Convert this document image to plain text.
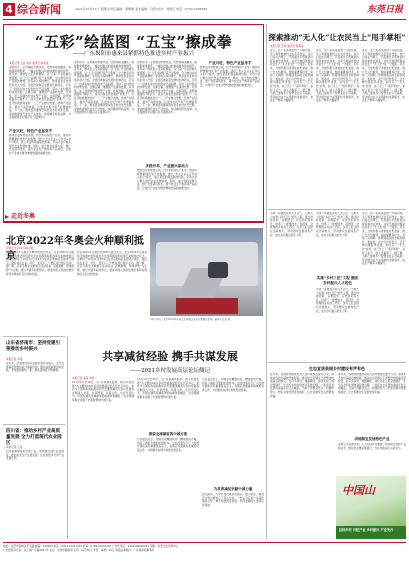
4 综合新闻	2021年10月21日 星期四 责任编辑：黄佩佩 美术编辑：许阳 校对：刘国庆 电话：0769-2288888	东莞日报
“五彩”绘蓝图 “五宝”擦成拳
——广东揭阳市惠来县紧抓特色推进乡村产业振兴
本报记者 王岩 李钊 通讯员 林某某
金秋时节，走进揭阳市惠来县，田野间稻浪翻滚，果园里硕果累累，一幅乡村振兴的美丽画卷徐徐展开。近年来，惠来县立足资源禀赋，以“五彩”产业绘就发展蓝图，以“五宝”品牌打造产业集群，全力推动乡村产业提质增效，农民收入持续增长。惠来县农业农村局负责人介绍，全县因地制宜发展特色种养业，打造了一批具有地方特色的农产品品牌，带动了农村经济的快速发展。在隆江镇，猪脚饭产业蓬勃发展，从养殖、加工到餐饮形成完整产业链；在葵潭镇，菠萝种植面积不断扩大，成为当地农民致富的“金果子”。该县还积极推进农村一二三产业融合发展，延伸产业链条，提升产品附加值，让更多农民分享产业增值收益。下一步，惠来县将继续坚持农业农村优先发展，加快构建现代农业产业体系，持续擦亮特色品牌，为全面推进乡村振兴注入强劲动力。
产业兴旺，特色产业显身手
惠来县坚持规划引领，科学布局特色产业带，推动资源要素向优势产业集聚。通过“龙头企业+合作社+农户”模式，建立紧密的利益联结机制，带动小农户融入现代农业发展轨道。同时，加大科技支撑力度，推广先进适用技术，提升农业生产效率和产品质量，让特色产业成为群众增收致富的重要支柱。
金秋时节，走进揭阳市惠来县，田野间稻浪翻滚，果园里硕果累累，一幅乡村振兴的美丽画卷徐徐展开。近年来，惠来县立足资源禀赋，以“五彩”产业绘就发展蓝图，以“五宝”品牌打造产业集群，全力推动乡村产业提质增效，农民收入持续增长。惠来县农业农村局负责人介绍，全县因地制宜发展特色种养业，打造了一批具有地方特色的农产品品牌，带动了农村经济的快速发展。在隆江镇，猪脚饭产业蓬勃发展，从养殖、加工到餐饮形成完整产业链；在葵潭镇，菠萝种植面积不断扩大，成为当地农民致富的“金果子”。该县还积极推进农村一二三产业融合发展，延伸产业链条，提升产品附加值，让更多农民分享产业增值收益。下一步，惠来县将继续坚持农业农村优先发展，加快构建现代农业产业体系，持续擦亮特色品牌，为全面推进乡村振兴注入强劲动力。
金秋时节，走进揭阳市惠来县，田野间稻浪翻滚，果园里硕果累累，一幅乡村振兴的美丽画卷徐徐展开。近年来，惠来县立足资源禀赋，以“五彩”产业绘就发展蓝图，以“五宝”品牌打造产业集群，全力推动乡村产业提质增效，农民收入持续增长。惠来县农业农村局负责人介绍，全县因地制宜发展特色种养业，打造了一批具有地方特色的农产品品牌，带动了农村经济的快速发展。在隆江镇，猪脚饭产业蓬勃发展，从养殖、加工到餐饮形成完整产业链；在葵潭镇，菠萝种植面积不断扩大，成为当地农民致富的“金果子”。该县还积极推进农村一二三产业融合发展，延伸产业链条，提升产品附加值，让更多农民分享产业增值收益。下一步，惠来县将继续坚持农业农村优先发展，加快构建现代农业产业体系，持续擦亮特色品牌，为全面推进乡村振兴注入强劲动力。
多措并举，产业振兴添动力
惠来县坚持规划引领，科学布局特色产业带，推动资源要素向优势产业集聚。通过“龙头企业+合作社+农户”模式，建立紧密的利益联结机制，带动小农户融入现代农业发展轨道。同时，加大科技支撑力度，推广先进适用技术，提升农业生产效率和产品质量，让特色产业成为群众增收致富的重要支柱。
产业兴旺，特色产业显身手
惠来县坚持规划引领，科学布局特色产业带，推动资源要素向优势产业集聚。通过“龙头企业+合作社+农户”模式，建立紧密的利益联结机制，带动小农户融入现代农业发展轨道。同时，加大科技支撑力度，推广先进适用技术，提升农业生产效率和产品质量，让特色产业成为群众增收致富的重要支柱。
探索推动“无人化”让农民当上“甩手掌柜”
本报记者 张某 通讯员 陈某某
近日，在广东省某县的一片稻田里，无人驾驶收割机正在有序作业，农户们站在田埂上，只需通过手机就能远程查看作业进度。这是当地探索推动农业生产“无人化”的一个缩影。近年来，当地积极引进智能农机装备，推广无人机植保、智能灌溉等技术，实现了从耕种、管理到收获的全程机械化、智能化。农户们纷纷表示，过去种田要起早贪黑，如今有了“无人化”农场，自己当上了“甩手掌柜”，省时又省力，收入还提高了。据了解，当地已建成多个智慧农业示范基地，带动周边农户采用新技术新模式，农业生产效率大幅提升。
近日，在广东省某县的一片稻田里，无人驾驶收割机正在有序作业，农户们站在田埂上，只需通过手机就能远程查看作业进度。这是当地探索推动农业生产“无人化”的一个缩影。近年来，当地积极引进智能农机装备，推广无人机植保、智能灌溉等技术，实现了从耕种、管理到收获的全程机械化、智能化。农户们纷纷表示，过去种田要起早贪黑，如今有了“无人化”农场，自己当上了“甩手掌柜”，省时又省力，收入还提高了。据了解，当地已建成多个智慧农业示范基地，带动周边农户采用新技术新模式，农业生产效率大幅提升。
近日，在广东省某县的一片稻田里，无人驾驶收割机正在有序作业，农户们站在田埂上，只需通过手机就能远程查看作业进度。这是当地探索推动农业生产“无人化”的一个缩影。近年来，当地积极引进智能农机装备，推广无人机植保、智能灌溉等技术，实现了从耕种、管理到收获的全程机械化、智能化。农户们纷纷表示，过去种田要起早贪黑，如今有了“无人化”农场，自己当上了“甩手掌柜”，省时又省力，收入还提高了。据了解，当地已建成多个智慧农业示范基地，带动周边农户采用新技术新模式，农业生产效率大幅提升。
为进一步激发乡村人才活力，当地大力实施“乡村工匠”培育工程，通过技能培训、以赛促学、评选表彰等方式，培养了一批懂技术、善经营、会管理的乡村能工巧匠。这些工匠活跃在田间地头，带动群众发展特色产业，成为乡村振兴的生力军。
为进一步激发乡村人才活力，当地大力实施“乡村工匠”培育工程，通过技能培训、以赛促学、评选表彰等方式，培养了一批懂技术、善经营、会管理的乡村能工巧匠。这些工匠活跃在田间地头，带动群众发展特色产业，成为乡村振兴的生力军。
实施“乡村工匠”工程 擦亮乡村振兴人才底色
为进一步激发乡村人才活力，当地大力实施“乡村工匠”培育工程，通过技能培训、以赛促学、评选表彰等方式，培养了一批懂技术、善经营、会管理的乡村能工巧匠。这些工匠活跃在田间地头，带动群众发展特色产业，成为乡村振兴的生力军。
近日，在广东省某县的一片稻田里，无人驾驶收割机正在有序作业，农户们站在田埂上，只需通过手机就能远程查看作业进度。这是当地探索推动农业生产“无人化”的一个缩影。近年来，当地积极引进智能农机装备，推广无人机植保、智能灌溉等技术，实现了从耕种、管理到收获的全程机械化、智能化。农户们纷纷表示，过去种田要起早贪黑，如今有了“无人化”农场，自己当上了“甩手掌柜”，省时又省力，收入还提高了。据了解，当地已建成多个智慧农业示范基地，带动周边农户采用新技术新模式，农业生产效率大幅提升。
走近冬奥
北京2022年冬奥会火种顺利抵京
新华社北京10月20日电
北京2022年冬奥会火种20日抵达北京，北京2022年冬奥会和冬残奥会组织委员会在首都国际机场举行火种欢迎仪式。火种将于10月21日至22日在北京奥林匹克塔进行展示，随后将在北京、延庆、张家口三个赛区进行展示活动。据了解，北京冬奥会火种展示活动将以“点燃激情、传递梦想”为主题，通过丰富多彩的形式，展现中国人民的热情好客和对奥林匹克运动的热爱。
北京2022年冬奥会火种20日抵达北京，北京2022年冬奥会和冬残奥会组织委员会在首都国际机场举行火种欢迎仪式。火种将于10月21日至22日在北京奥林匹克塔进行展示，随后将在北京、延庆、张家口三个赛区进行展示活动。据了解，北京冬奥会火种展示活动将以“点燃激情、传递梦想”为主题，通过丰富多彩的形式，展现中国人民的热情好客和对奥林匹克运动的热爱。
10月20日，北京2022年冬奥会火种抵达北京首都国际机场。新华社记者 摄
山东省济南市：坚持党建引领推动乡村振兴
本报记者 李某
近年来，济南市坚持以党建引领乡村振兴，充分发挥基层党组织战斗堡垒作用，推动各项政策落地见效，乡村面貌焕然一新，群众获得感不断增强。
四川省：推动乡村产业高质量发展 全力打造现代农业园区
本报记者 王某
四川省聚焦特色优势产业，加快建设现代农业园区，推动农业全产业链发展，让农民更多分享产业发展红利。
共享减贫经验 携手共谋发展
——2021乡村发展高层论坛侧记
本报记者 高某 刘某
10月19日至20日，以“共享减贫经验、携手共谋发展”为主题的2021乡村发展高层论坛在北京举行。来自多个国家和国际组织的代表围绕减贫与乡村发展等议题深入交流，分享经验，共商合作。与会代表认为，中国在减贫领域取得的成就举世瞩目，为全球减贫事业贡献了中国智慧和中国方案。
10月19日至20日，以“共享减贫经验、携手共谋发展”为主题的2021乡村发展高层论坛在北京举行。来自多个国家和国际组织的代表围绕减贫与乡村发展等议题深入交流，分享经验，共商合作。与会代表认为，中国在减贫领域取得的成就举世瞩目，为全球减贫事业贡献了中国智慧和中国方案。
探索全球减贫的中国方案
与会嘉宾表示，中国坚持精准扶贫、精准脱贫方略，创造了减贫治理的中国样本。这些经验对于广大发展中国家具有重要借鉴意义，各国应加强减贫领域的交流合作，共同推动实现可持续发展目标。
与会嘉宾表示，中国坚持精准扶贫、精准脱贫方略，创造了减贫治理的中国样本。这些经验对于广大发展中国家具有重要借鉴意义，各国应加强减贫领域的交流合作，共同推动实现可持续发展目标。
为世界减贫贡献中国力量
论坛期间，与会代表还就乡村振兴、数字农业、粮食安全等议题进行了深入讨论，一致认为应进一步深化国际合作，携手构建没有贫困、共同发展的人类命运共同体。
生态宜居美丽乡村建设有声有色
近年来，各地持续推进农村人居环境整治提升行动，加快补齐农村基础设施短板，推动村庄环境从干净整洁向美丽宜居转变。在许多乡村，道路硬化、绿化亮化工程全面铺开，生活污水和垃圾得到有效治理，一座座生态宜居的美丽乡村正在崛起。当地干部群众表示，将继续努力，把家乡建设得更加美好，让农民群众生活得更加幸福。
近年来，各地持续推进农村人居环境整治提升行动，加快补齐农村基础设施短板，推动村庄环境从干净整洁向美丽宜居转变。在许多乡村，道路硬化、绿化亮化工程全面铺开，生活污水和垃圾得到有效治理，一座座生态宜居的美丽乡村正在崛起。当地干部群众表示，将继续努力，把家乡建设得更加美好，让农民群众生活得更加幸福。
因地制宜发展特色产业
各地立足资源优势，大力发展乡村旅游、休闲农业等新产业新业态，推动农文旅深度融合，为乡村振兴注入新活力。
中国山
扶持乡村 兴旺产业 乡村振兴 产业先行
地址：东莞市南城区莞太路 邮编：523000 电话：0769-22222222 传真：0769-22222223 广告许可证：4419004000001 印刷：东莞日报印务中心
广告经营许可证：东工商广字第0001号 发行：东莞市邮政局 定价：每月30元 零售：每份1.50元 本报法律顾问：广东某律师事务所
